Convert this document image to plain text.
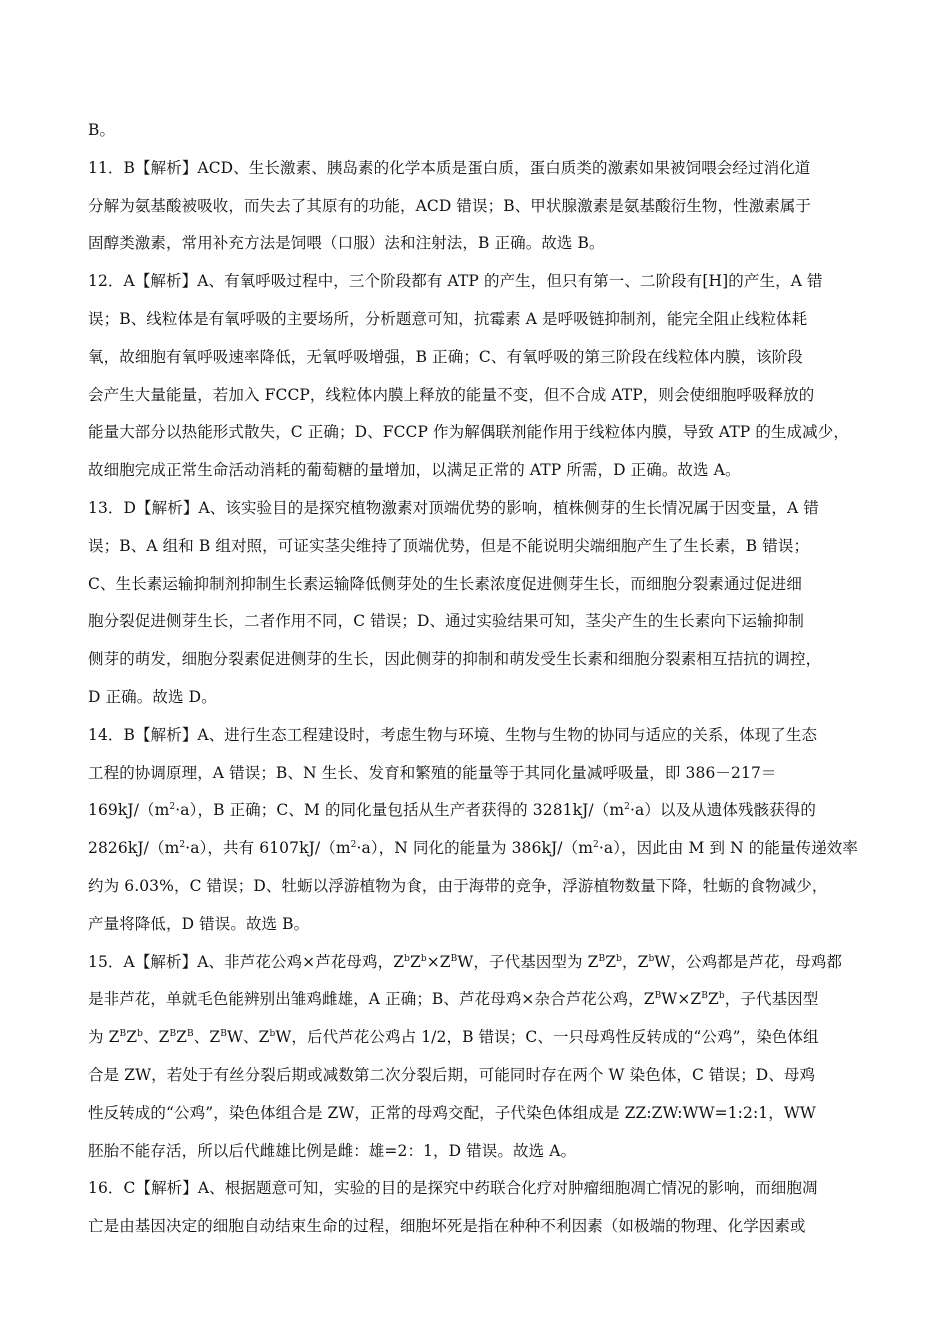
B。
11．B【解析】ACD、生长激素、胰岛素的化学本质是蛋白质，蛋白质类的激素如果被饲喂会经过消化道
分解为氨基酸被吸收，而失去了其原有的功能，ACD 错误；B、甲状腺激素是氨基酸衍生物，性激素属于
固醇类激素，常用补充方法是饲喂（口服）法和注射法，B 正确。故选 B。
12．A【解析】A、有氧呼吸过程中，三个阶段都有 ATP 的产生，但只有第一、二阶段有[H]的产生，A 错
误；B、线粒体是有氧呼吸的主要场所，分析题意可知，抗霉素 A 是呼吸链抑制剂，能完全阻止线粒体耗
氧，故细胞有氧呼吸速率降低，无氧呼吸增强，B 正确；C、有氧呼吸的第三阶段在线粒体内膜，该阶段
会产生大量能量，若加入 FCCP，线粒体内膜上释放的能量不变，但不合成 ATP，则会使细胞呼吸释放的
能量大部分以热能形式散失，C 正确；D、FCCP 作为解偶联剂能作用于线粒体内膜，导致 ATP 的生成减少，
故细胞完成正常生命活动消耗的葡萄糖的量增加，以满足正常的 ATP 所需，D 正确。故选 A。
13．D【解析】A、该实验目的是探究植物激素对顶端优势的影响，植株侧芽的生长情况属于因变量，A 错
误；B、A 组和 B 组对照，可证实茎尖维持了顶端优势，但是不能说明尖端细胞产生了生长素，B 错误；
C、生长素运输抑制剂抑制生长素运输降低侧芽处的生长素浓度促进侧芽生长，而细胞分裂素通过促进细
胞分裂促进侧芽生长，二者作用不同，C 错误；D、通过实验结果可知，茎尖产生的生长素向下运输抑制
侧芽的萌发，细胞分裂素促进侧芽的生长，因此侧芽的抑制和萌发受生长素和细胞分裂素相互拮抗的调控，
D 正确。故选 D。
14．B【解析】A、进行生态工程建设时，考虑生物与环境、生物与生物的协同与适应的关系，体现了生态
工程的协调原理，A 错误；B、N 生长、发育和繁殖的能量等于其同化量减呼吸量，即 386－217＝
$169kJ/(m^2\cdot a)$，B 正确；C、M 的同化量包括从生产者获得的 $3281kJ/(m^2\cdot a)$以及从遗体残骸获得的
$2826kJ/(m^2\cdot a)$，共有 $6107kJ/(m^2\cdot a)$，N 同化的能量为 $386kJ/(m^2\cdot a)$，因此由 M 到 N 的能量传递效率
约为 6.03%，C 错误；D、牡蛎以浮游植物为食，由于海带的竞争，浮游植物数量下降，牡蛎的食物减少，
产量将降低，D 错误。故选 B。
15．A【解析】A、非芦花公鸡×芦花母鸡，$Z^bZ^b\times Z^BW$，子代基因型为 $Z^BZ^b$，$Z^bW$，公鸡都是芦花，母鸡都
是非芦花，单就毛色能辨别出雏鸡雌雄，A 正确；B、芦花母鸡×杂合芦花公鸡，$Z^BW\times Z^BZ^b$，子代基因型
为 $Z^BZ^b$、$Z^BZ^B$、$Z^BW$、$Z^bW$，后代芦花公鸡占 1/2，B 错误；C、一只母鸡性反转成的“公鸡”，染色体组
合是 ZW，若处于有丝分裂后期或减数第二次分裂后期，可能同时存在两个 W 染色体，C 错误；D、母鸡
性反转成的“公鸡”，染色体组合是 ZW，正常的母鸡交配，子代染色体组成是 ZZ:ZW:WW=1:2:1，WW
胚胎不能存活，所以后代雌雄比例是雌：雄=2：1，D 错误。故选 A。
16．C【解析】A、根据题意可知，实验的目的是探究中药联合化疗对肿瘤细胞凋亡情况的影响，而细胞凋
亡是由基因决定的细胞自动结束生命的过程，细胞坏死是指在种种不利因素（如极端的物理、化学因素或
